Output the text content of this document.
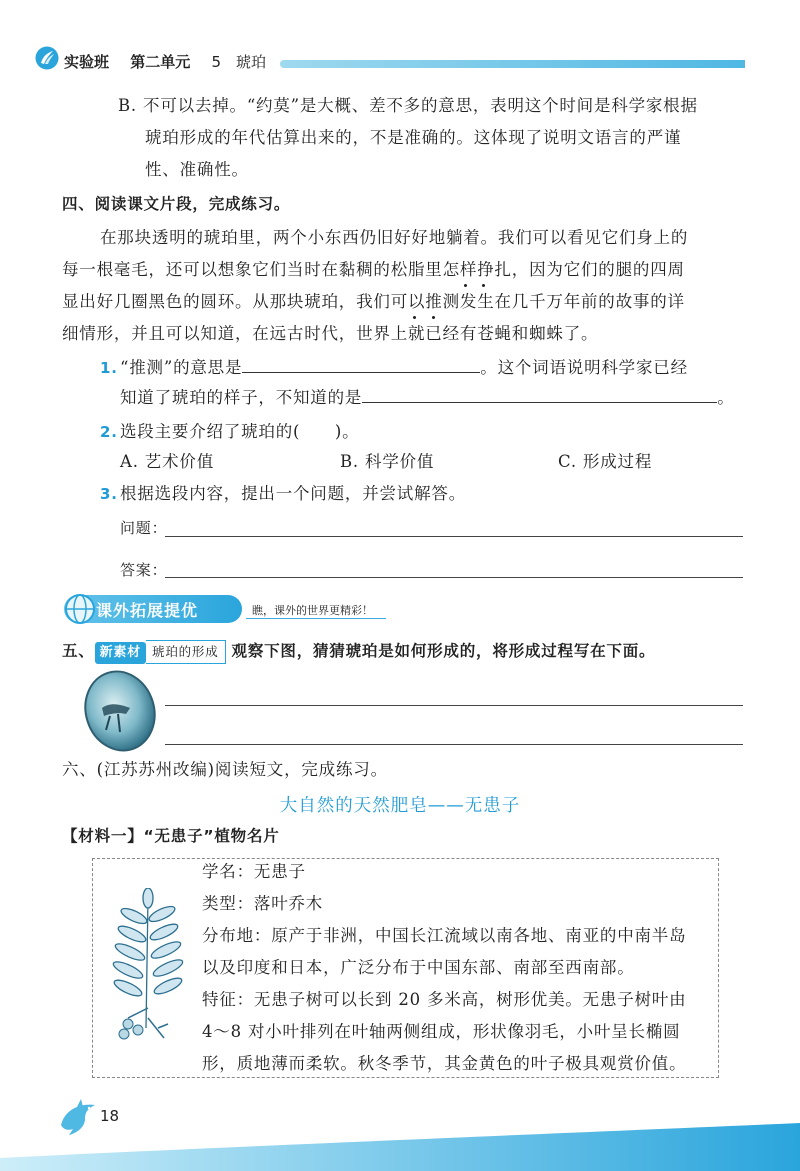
实验班 第二单元 5　琥珀
B. 不可以去掉。“约莫”是大概、差不多的意思，表明这个时间是科学家根据
琥珀形成的年代估算出来的，不是准确的。这体现了说明文语言的严谨
性、准确性。
四、阅读课文片段，完成练习。
在那块透明的琥珀里，两个小东西仍旧好好地躺着。我们可以看见它们身上的
每一根毫毛，还可以想象它们当时在黏稠的松脂里怎样挣扎，因为它们的腿的四周
显出好几圈黑色的圆环。从那块琥珀，我们可以推测发生在几千万年前的故事的详
细情形，并且可以知道，在远古时代，世界上就已经有苍蝇和蜘蛛了。
1. “推测”的意思是	。这个词语说明科学家已经
知道了琥珀的样子，不知道的是	。
2. 选段主要介绍了琥珀的(　　)。
A. 艺术价值	B. 科学价值	C. 形成过程
3. 根据选段内容，提出一个问题，并尝试解答。
问题：
答案：
课外拓展提优	瞧，课外的世界更精彩！
五、 新素材 琥珀的形成 观察下图，猜猜琥珀是如何形成的，将形成过程写在下面。
六、(江苏苏州改编)阅读短文，完成练习。
大自然的天然肥皂——无患子
【材料一】“无患子”植物名片
学名：无患子
类型：落叶乔木
分布地：原产于非洲，中国长江流域以南各地、南亚的中南半岛
以及印度和日本，广泛分布于中国东部、南部至西南部。
特征：无患子树可以长到 20 多米高，树形优美。无患子树叶由
4～8 对小叶排列在叶轴两侧组成，形状像羽毛，小叶呈长椭圆
形，质地薄而柔软。秋冬季节，其金黄色的叶子极具观赏价值。
18
